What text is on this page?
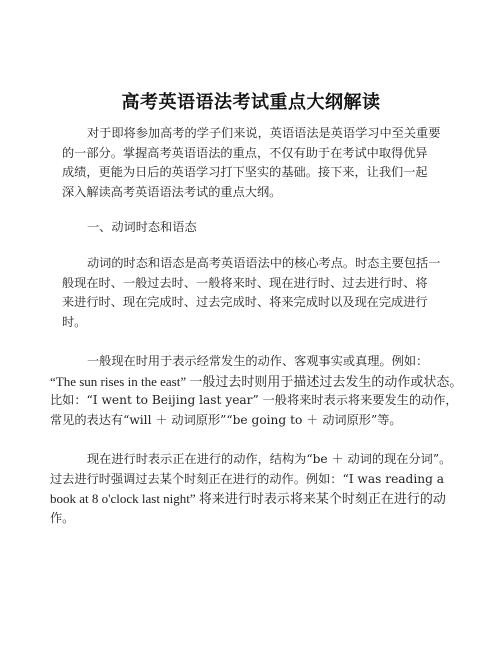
高考英语语法考试重点大纲解读
对于即将参加高考的学子们来说，英语语法是英语学习中至关重要
的一部分。掌握高考英语语法的重点，不仅有助于在考试中取得优异
成绩，更能为日后的英语学习打下坚实的基础。接下来，让我们一起
深入解读高考英语语法考试的重点大纲。
一、动词时态和语态
动词的时态和语态是高考英语语法中的核心考点。时态主要包括一
般现在时、一般过去时、一般将来时、现在进行时、过去进行时、将
来进行时、现在完成时、过去完成时、将来完成时以及现在完成进行
时。
一般现在时用于表示经常发生的动作、客观事实或真理。例如：
“The sun rises in the east” 一般过去时则用于描述过去发生的动作或状态。
比如：“I went to Beijing last year” 一般将来时表示将来要发生的动作，
常见的表达有“will ＋ 动词原形”“be going to ＋ 动词原形”等。
现在进行时表示正在进行的动作，结构为“be ＋ 动词的现在分词”。
过去进行时强调过去某个时刻正在进行的动作。例如：“I was reading a
book at 8 o'clock last night” 将来进行时表示将来某个时刻正在进行的动
作。
